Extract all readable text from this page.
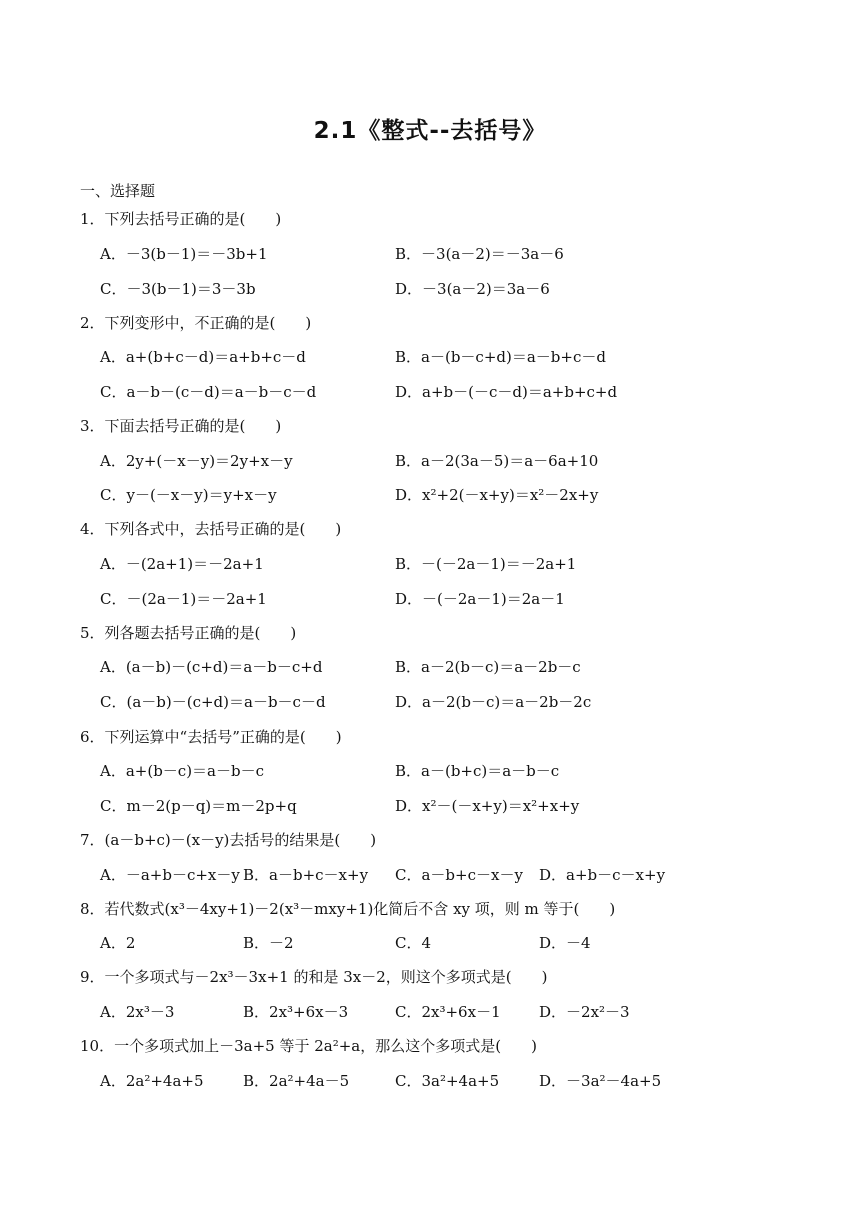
2.1《整式--去括号》
一、选择题
1．下列去括号正确的是(　　)
A．－3(b－1)＝－3b+1	B．－3(a－2)＝－3a－6
C．－3(b－1)＝3－3b	D．－3(a－2)＝3a－6
2．下列变形中，不正确的是(　　)
A．a+(b+c－d)＝a+b+c－d	B．a－(b－c+d)＝a－b+c－d
C．a－b－(c－d)＝a－b－c－d	D．a+b－(－c－d)＝a+b+c+d
3．下面去括号正确的是(　　)
A．2y+(－x－y)＝2y+x－y	B．a－2(3a－5)＝a－6a+10
C．y－(－x－y)＝y+x－y	D．x²+2(－x+y)＝x²－2x+y
4．下列各式中，去括号正确的是(　　)
A．－(2a+1)＝－2a+1	B．－(－2a－1)＝－2a+1
C．－(2a－1)＝－2a+1	D．－(－2a－1)＝2a－1
5．列各题去括号正确的是(　　)
A．(a－b)－(c+d)＝a－b－c+d	B．a－2(b－c)＝a－2b－c
C．(a－b)－(c+d)＝a－b－c－d	D．a－2(b－c)＝a－2b－2c
6．下列运算中“去括号”正确的是(　　)
A．a+(b－c)＝a－b－c	B．a－(b+c)＝a－b－c
C．m－2(p－q)＝m－2p+q	D．x²－(－x+y)＝x²+x+y
7．(a－b+c)－(x－y)去括号的结果是(　　)
A．－a+b－c+x－y B．a－b+c－x+y C．a－b+c－x－y D．a+b－c－x+y
8．若代数式(x³－4xy+1)－2(x³－mxy+1)化简后不含 xy 项，则 m 等于(　　)
A．2	B．－2	C．4	D．－4
9．一个多项式与－2x³－3x+1 的和是 3x－2，则这个多项式是(　　)
A．2x³－3	B．2x³+6x－3	C．2x³+6x－1	D．－2x²－3
10．一个多项式加上－3a+5 等于 2a²+a，那么这个多项式是(　　)
A．2a²+4a+5	B．2a²+4a－5	C．3a²+4a+5	D．－3a²－4a+5
